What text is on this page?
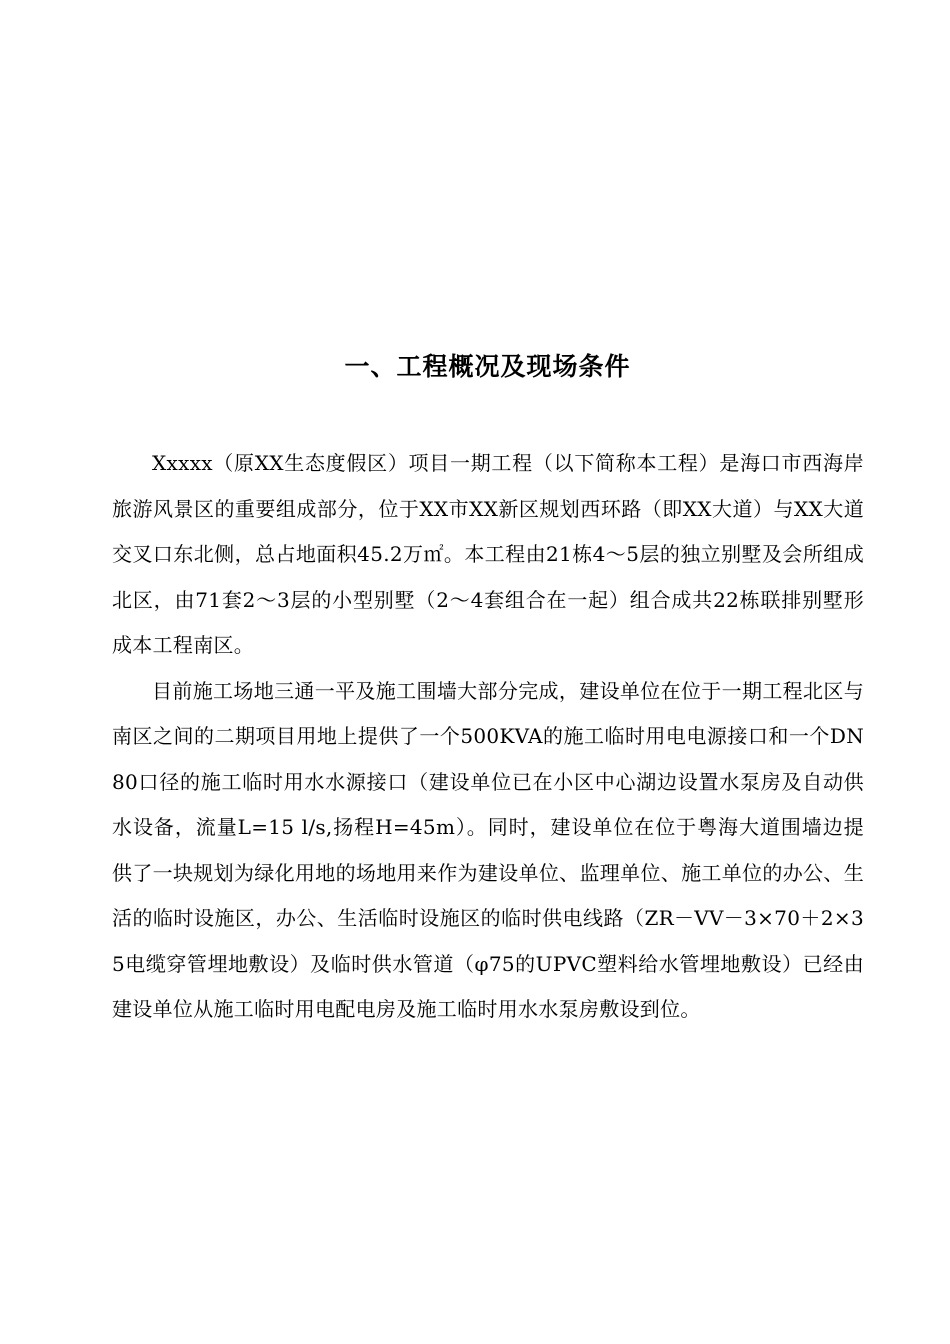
一、工程概况及现场条件

Xxxxx（原XX生态度假区）项目一期工程（以下简称本工程）是海口市西海岸旅游风景区的重要组成部分，位于XX市XX新区规划西环路（即XX大道）与XX大道 交叉口东北侧，总占地面积45.2万㎡。本工程由21栋4～5层的独立别墅及会所组成北区，由71套2～3层的小型别墅（2～4套组合在一起）组合成共22栋联排别墅形成本工程南区。

目前施工场地三通一平及施工围墙大部分完成，建设单位在位于一期工程北区与南区之间的二期项目用地上提供了一个500KVA的施工临时用电电源接口和一个DN80口径的施工临时用水水源接口（建设单位已在小区中心湖边设置水泵房及自动供水设备，流量L=15 l/s,扬程H=45m）。同时，建设单位在位于粤海大道围墙边提供了一块规划为绿化用地的场地用来作为建设单位、监理单位、施工单位的办公、生活的临时设施区，办公、生活临时设施区的临时供电线路（ZR－VV－3×70＋2×35电缆穿管埋地敷设）及临时供水管道（φ75的UPVC塑料给水管埋地敷设）已经由建设单位从施工临时用电配电房及施工临时用水水泵房敷设到位。
